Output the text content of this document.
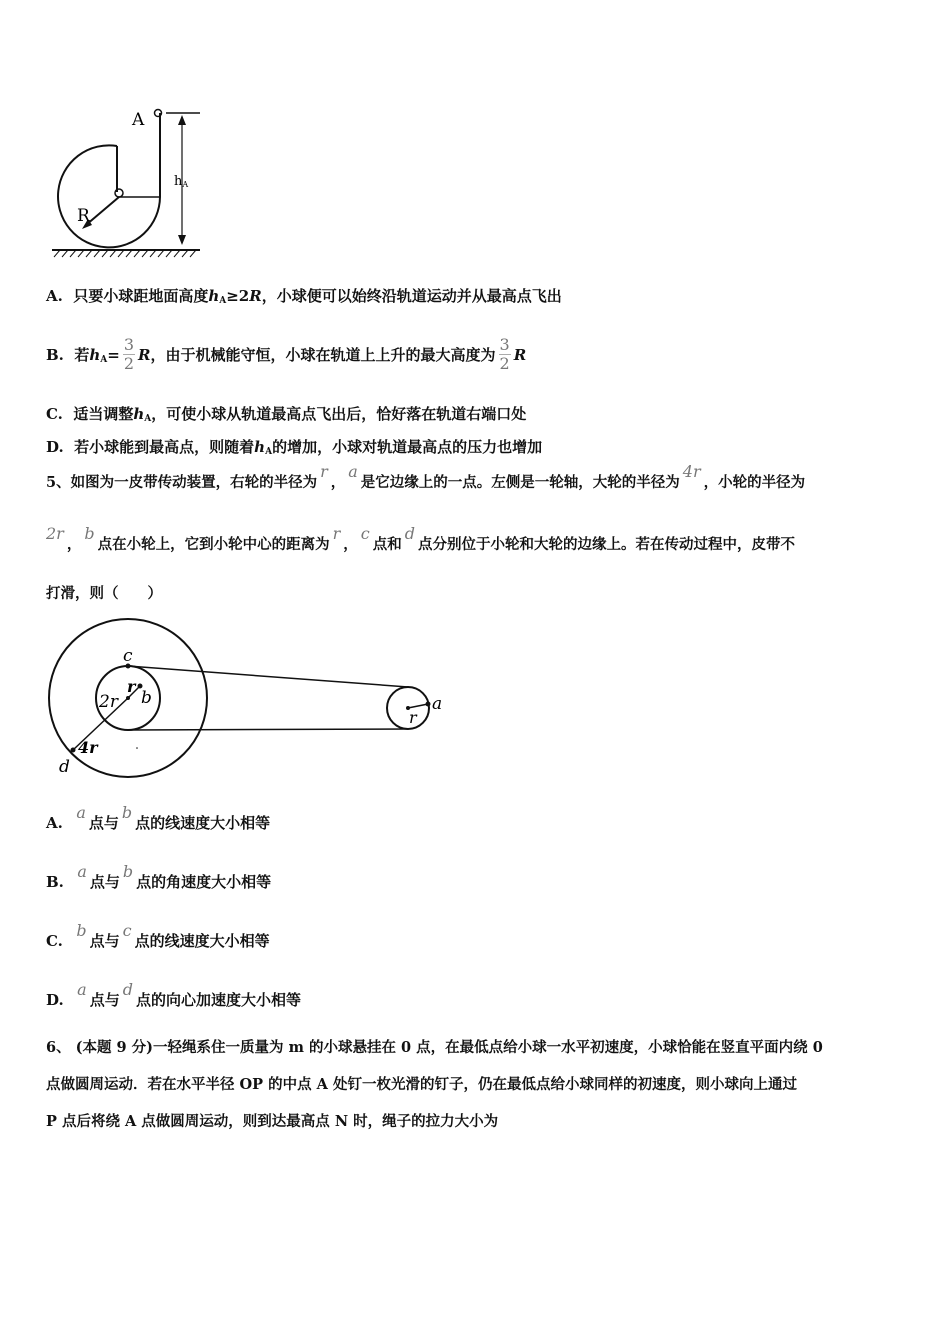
A
R
hA
A. 只要小球距地面高度$h_A\ge 2R$，小球便可以始终沿轨道运动并从最高点飞出
B. 若$h_A= \frac{3}{2}$ R，由于机械能守恒，小球在轨道上上升的最大高度为 $\frac{3}{2}$ R
C. 适当调整$h_A$，可使小球从轨道最高点飞出后，恰好落在轨道右端口处
D. 若小球能到最高点，则随着$h_A$的增加，小球对轨道最高点的压力也增加
5、如图为一皮带传动装置，右轮的半径为r，a是它边缘上的一点。左侧是一轮轴，大轮的半径为4r，小轮的半径为
2r，b点在小轮上，它到小轮中心的距离为r，c点和d点分别位于小轮和大轮的边缘上。若在传动过程中，皮带不
打滑，则（　　）
c
r
2r b
4r
d
r
a
A.  a点与b点的线速度大小相等
B.  a点与b点的角速度大小相等
C.  b点与c点的线速度大小相等
D.  a点与d点的向心加速度大小相等
6、 (本题 9 分)一轻绳系住一质量为 m 的小球悬挂在 0 点，在最低点给小球一水平初速度，小球恰能在竖直平面内绕 0
点做圆周运动．若在水平半径 OP 的中点 A 处钉一枚光滑的钉子，仍在最低点给小球同样的初速度，则小球向上通过
P 点后将绕 A 点做圆周运动，则到达最高点 N 时，绳子的拉力大小为
